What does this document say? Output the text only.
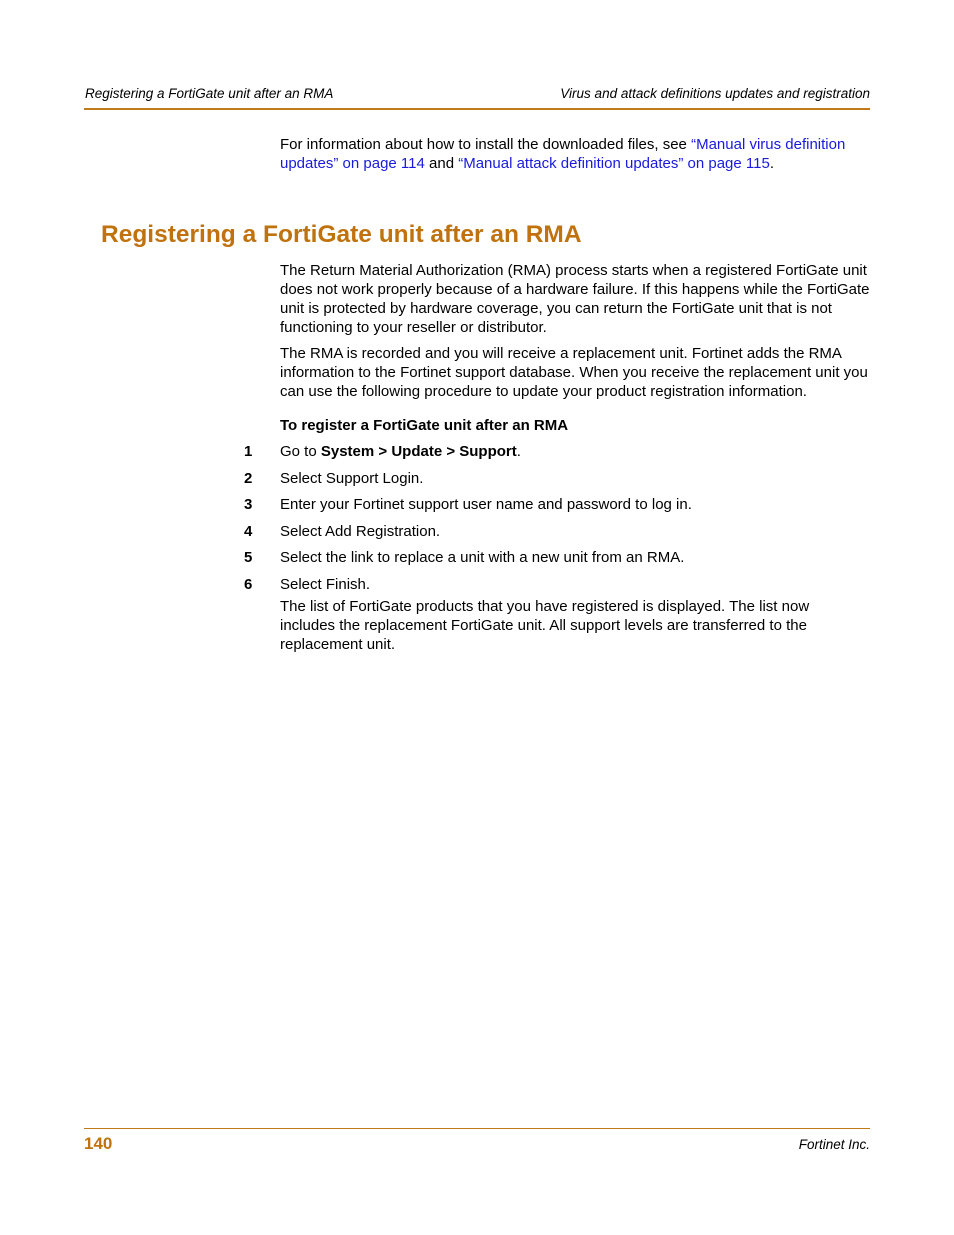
Registering a FortiGate unit after an RMA	Virus and attack definitions updates and registration

For information about how to install the downloaded files, see “Manual virus definition updates” on page 114 and “Manual attack definition updates” on page 115.

Registering a FortiGate unit after an RMA

The Return Material Authorization (RMA) process starts when a registered FortiGate unit does not work properly because of a hardware failure. If this happens while the FortiGate unit is protected by hardware coverage, you can return the FortiGate unit that is not functioning to your reseller or distributor.

The RMA is recorded and you will receive a replacement unit. Fortinet adds the RMA information to the Fortinet support database. When you receive the replacement unit you can use the following procedure to update your product registration information.

To register a FortiGate unit after an RMA
1 Go to System > Update > Support.
2 Select Support Login.
3 Enter your Fortinet support user name and password to log in.
4 Select Add Registration.
5 Select the link to replace a unit with a new unit from an RMA.
6 Select Finish.

The list of FortiGate products that you have registered is displayed. The list now includes the replacement FortiGate unit. All support levels are transferred to the replacement unit.

140	Fortinet Inc.
